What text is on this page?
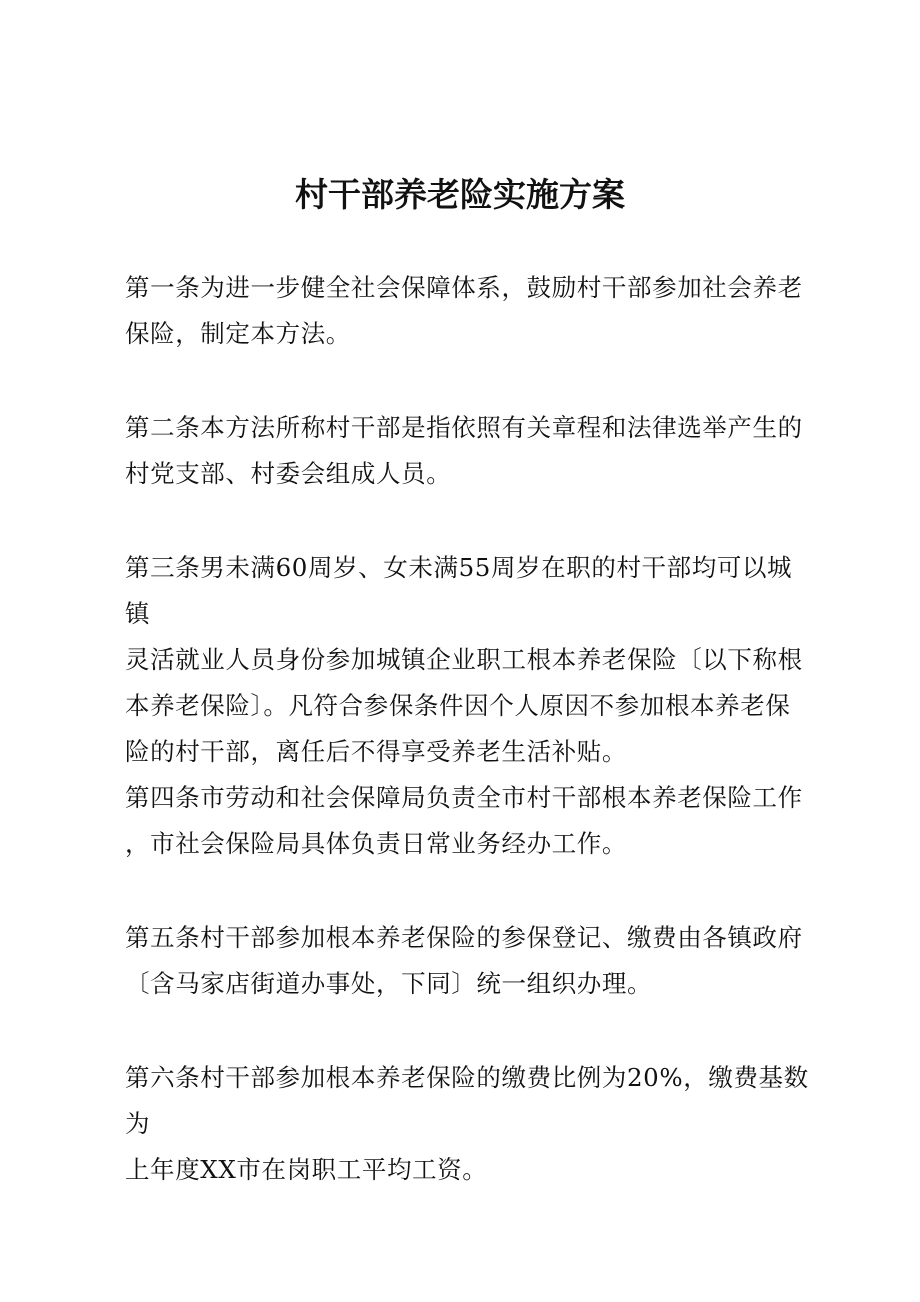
村干部养老险实施方案

第一条为进一步健全社会保障体系，鼓励村干部参加社会养老
保险，制定本方法。

第二条本方法所称村干部是指依照有关章程和法律选举产生的
村党支部、村委会组成人员。

第三条男未满60周岁、女未满55周岁在职的村干部均可以城镇
灵活就业人员身份参加城镇企业职工根本养老保险〔以下称根
本养老保险〕。凡符合参保条件因个人原因不参加根本养老保
险的村干部，离任后不得享受养老生活补贴。

第四条市劳动和社会保障局负责全市村干部根本养老保险工作
，市社会保险局具体负责日常业务经办工作。

第五条村干部参加根本养老保险的参保登记、缴费由各镇政府
〔含马家店街道办事处，下同〕统一组织办理。

第六条村干部参加根本养老保险的缴费比例为20%，缴费基数为
上年度XX市在岗职工平均工资。
